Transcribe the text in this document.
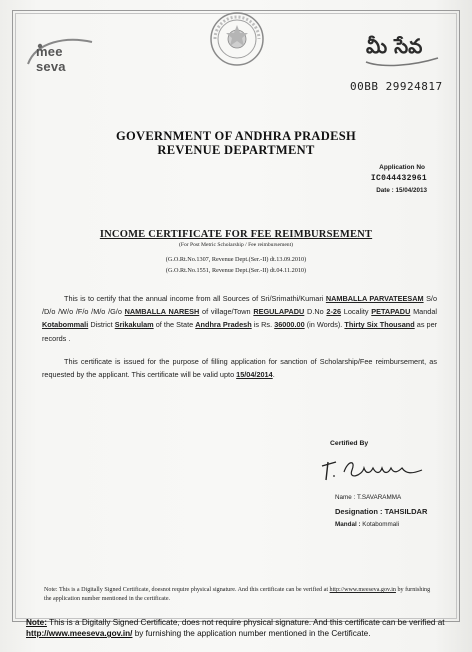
mee seva
మీ సేవ
00BB 29924817
GOVERNMENT OF ANDHRA PRADESH
REVENUE DEPARTMENT
Application No
IC044432961
Date : 15/04/2013
INCOME CERTIFICATE FOR FEE REIMBURSEMENT
(For Post Metric Scholarship / Fee reimbursement)
(G.O.Rt.No.1307, Revenue Dept.(Ser.-II) dt.13.09.2010)
(G.O.Rt.No.1551, Revenue Dept.(Ser.-II) dt.04.11.2010)
This is to certify that the annual income from all Sources of Sri/Srimathi/Kumari NAMBALLA PARVATEESAM S/o /D/o /W/o /F/o /M/o /G/o NAMBALLA NARESH of village/Town REGULAPADU D.No 2-26 Locality PETAPADU Mandal Kotabommali District Srikakulam of the State Andhra Pradesh is Rs. 36000.00 (in Words). Thirty Six Thousand as per records .
This certificate is issued for the purpose of filling application for sanction of Scholarship/Fee reimbursement, as requested by the applicant. This certificate will be valid upto 15/04/2014.
Certified By
Name : T.SAVARAMMA
Designation : TAHSILDAR
Mandal : Kotabommali
Note: This is a Digitally Signed Certificate, doesnot require physical signature. And this certificate can be verified at http://www.meeseva.gov.in by furnishing the application number mentioned in the certificate.
Note: This is a Digitally Signed Certificate, does not require physical signature. And this certificate can be verified at http://www.meeseva.gov.in/ by furnishing the application number mentioned in the Certificate.
